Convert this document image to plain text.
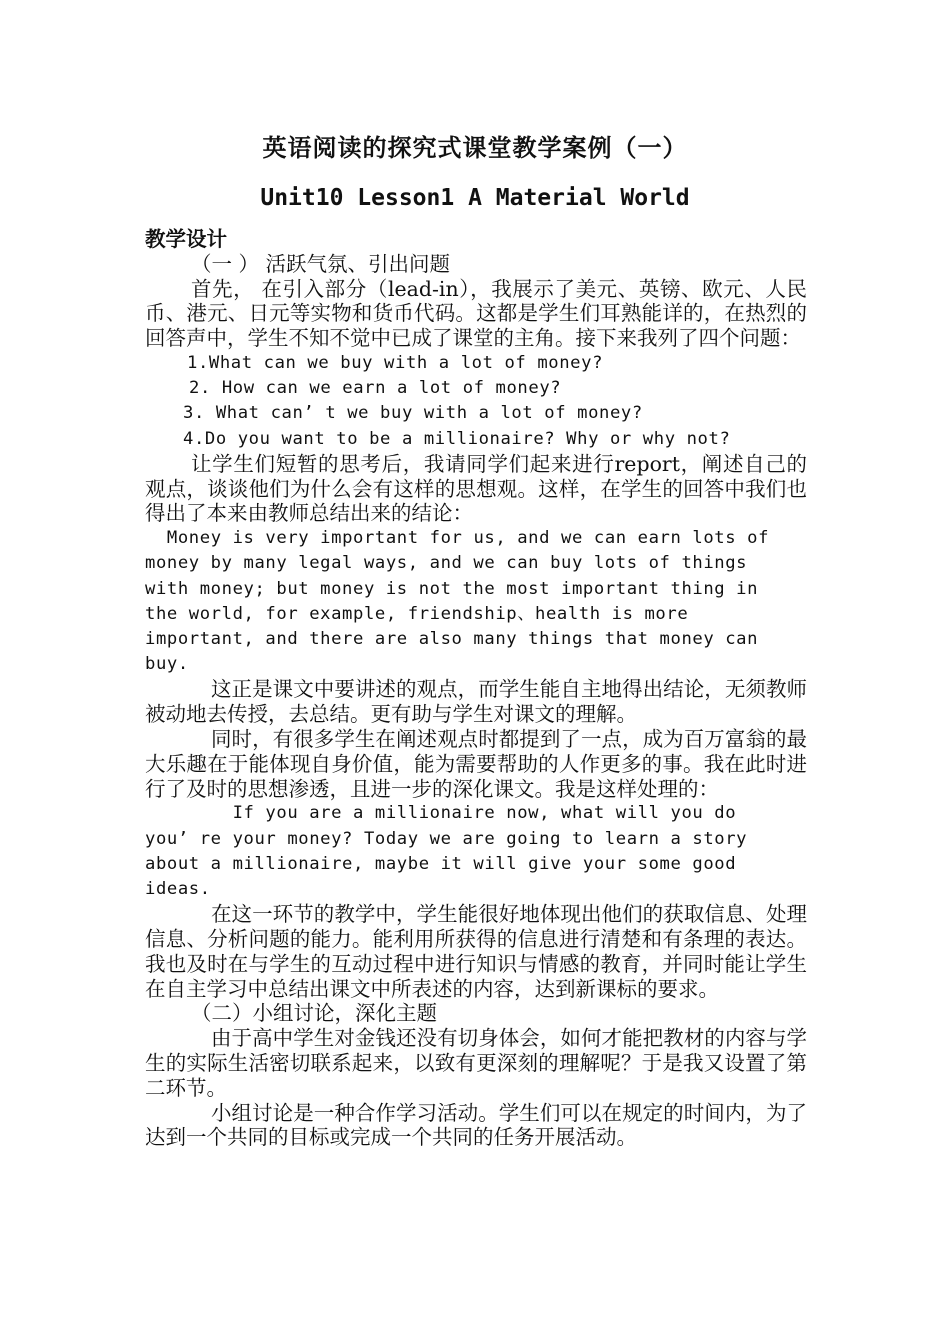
英语阅读的探究式课堂教学案例（一）
Unit10 Lesson1 A Material World

教学设计

（一 ） 活跃气氛、引出问题

首先， 在引入部分（lead-in），我展示了美元、英镑、欧元、人民币、港元、日元等实物和货币代码。这都是学生们耳熟能详的，在热烈的回答声中，学生不知不觉中已成了课堂的主角。接下来我列了四个问题：

1.What can we buy with a lot of money?

2. How can we earn a lot of money?

3. What can’ t we buy with a lot of money?

4.Do you want to be a millionaire? Why or why not?

让学生们短暂的思考后，我请同学们起来进行report，阐述自己的观点，谈谈他们为什么会有这样的思想观。这样，在学生的回答中我们也得出了本来由教师总结出来的结论：

Money is very important for us, and we can earn lots of
money by many legal ways, and we can buy lots of things
with money; but money is not the most important thing in
the world, for example, friendship、health is more
important, and there are also many things that money can
buy.

这正是课文中要讲述的观点，而学生能自主地得出结论，无须教师被动地去传授，去总结。更有助与学生对课文的理解。

同时，有很多学生在阐述观点时都提到了一点，成为百万富翁的最大乐趣在于能体现自身价值，能为需要帮助的人作更多的事。我在此时进行了及时的思想渗透，且进一步的深化课文。我是这样处理的：

If you are a millionaire now, what will you do
you’ re your money? Today we are going to learn a story
about a millionaire, maybe it will give your some good
ideas.

在这一环节的教学中，学生能很好地体现出他们的获取信息、处理信息、分析问题的能力。能利用所获得的信息进行清楚和有条理的表达。我也及时在与学生的互动过程中进行知识与情感的教育，并同时能让学生在自主学习中总结出课文中所表述的内容，达到新课标的要求。

（二）小组讨论，深化主题

由于高中学生对金钱还没有切身体会，如何才能把教材的内容与学生的实际生活密切联系起来，以致有更深刻的理解呢？于是我又设置了第二环节。

小组讨论是一种合作学习活动。学生们可以在规定的时间内，为了达到一个共同的目标或完成一个共同的任务开展活动。
